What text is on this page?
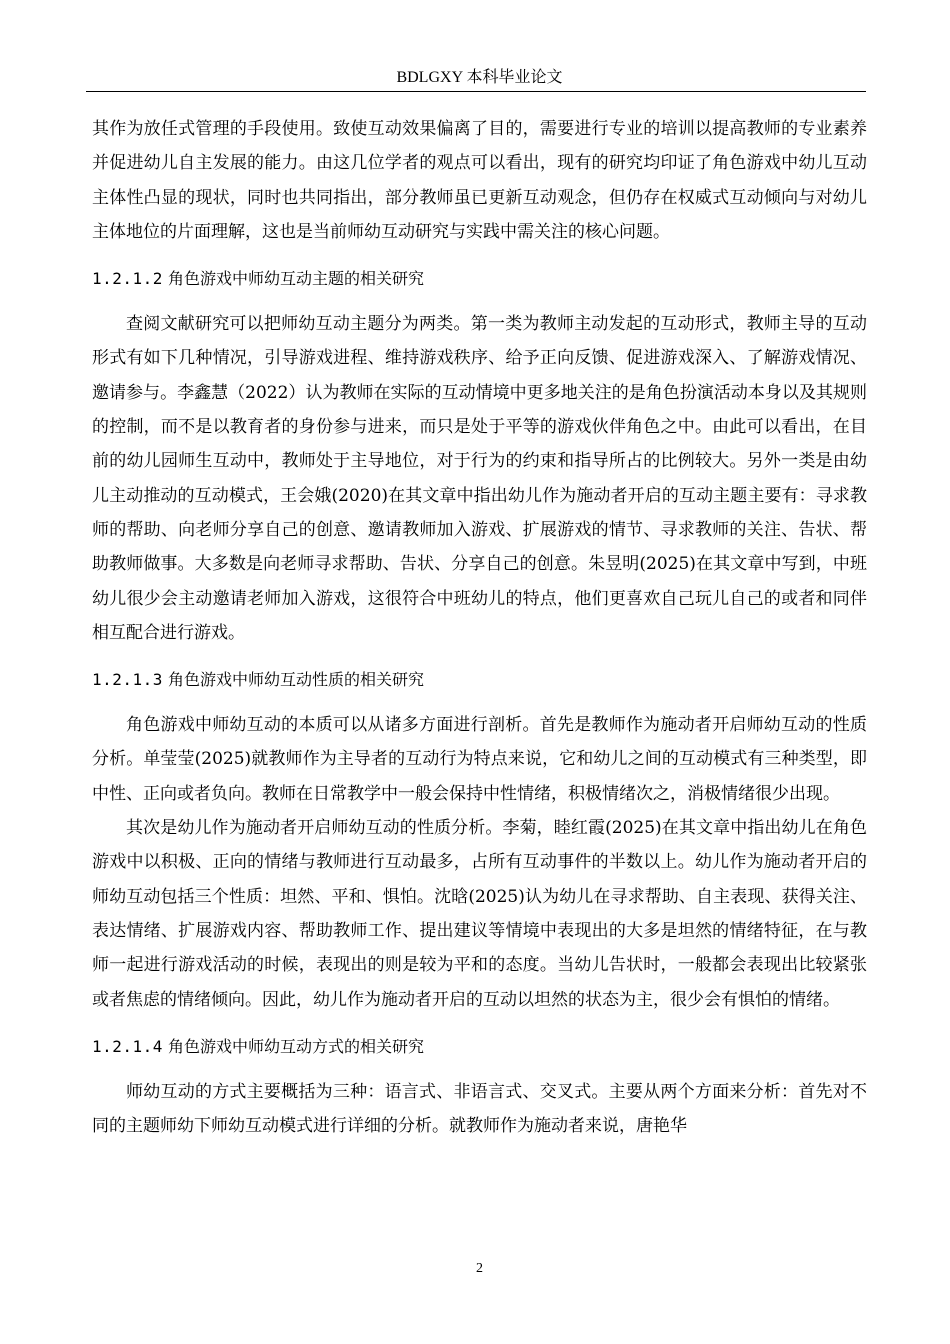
BDLGXY 本科毕业论文

其作为放任式管理的手段使用。致使互动效果偏离了目的，需要进行专业的培训以提高教师的专业素养并促进幼儿自主发展的能力。由这几位学者的观点可以看出，现有的研究均印证了角色游戏中幼儿互动主体性凸显的现状，同时也共同指出，部分教师虽已更新互动观念，但仍存在权威式互动倾向与对幼儿主体地位的片面理解，这也是当前师幼互动研究与实践中需关注的核心问题。

1.2.1.2 角色游戏中师幼互动主题的相关研究

查阅文献研究可以把师幼互动主题分为两类。第一类为教师主动发起的互动形式，教师主导的互动形式有如下几种情况，引导游戏进程、维持游戏秩序、给予正向反馈、促进游戏深入、了解游戏情况、邀请参与。李鑫慧（2022）认为教师在实际的互动情境中更多地关注的是角色扮演活动本身以及其规则的控制，而不是以教育者的身份参与进来，而只是处于平等的游戏伙伴角色之中。由此可以看出，在目前的幼儿园师生互动中，教师处于主导地位，对于行为的约束和指导所占的比例较大。另外一类是由幼儿主动推动的互动模式，王会娥(2020)在其文章中指出幼儿作为施动者开启的互动主题主要有：寻求教师的帮助、向老师分享自己的创意、邀请教师加入游戏、扩展游戏的情节、寻求教师的关注、告状、帮助教师做事。大多数是向老师寻求帮助、告状、分享自己的创意。朱昱明(2025)在其文章中写到，中班幼儿很少会主动邀请老师加入游戏，这很符合中班幼儿的特点，他们更喜欢自己玩儿自己的或者和同伴相互配合进行游戏。

1.2.1.3 角色游戏中师幼互动性质的相关研究

角色游戏中师幼互动的本质可以从诸多方面进行剖析。首先是教师作为施动者开启师幼互动的性质分析。单莹莹(2025)就教师作为主导者的互动行为特点来说，它和幼儿之间的互动模式有三种类型，即中性、正向或者负向。教师在日常教学中一般会保持中性情绪，积极情绪次之，消极情绪很少出现。

其次是幼儿作为施动者开启师幼互动的性质分析。李菊，睦红霞(2025)在其文章中指出幼儿在角色游戏中以积极、正向的情绪与教师进行互动最多，占所有互动事件的半数以上。幼儿作为施动者开启的师幼互动包括三个性质：坦然、平和、惧怕。沈晗(2025)认为幼儿在寻求帮助、自主表现、获得关注、表达情绪、扩展游戏内容、帮助教师工作、提出建议等情境中表现出的大多是坦然的情绪特征，在与教师一起进行游戏活动的时候，表现出的则是较为平和的态度。当幼儿告状时，一般都会表现出比较紧张或者焦虑的情绪倾向。因此，幼儿作为施动者开启的互动以坦然的状态为主，很少会有惧怕的情绪。

1.2.1.4 角色游戏中师幼互动方式的相关研究

师幼互动的方式主要概括为三种：语言式、非语言式、交叉式。主要从两个方面来分析：首先对不同的主题师幼下师幼互动模式进行详细的分析。就教师作为施动者来说，唐艳华

2
